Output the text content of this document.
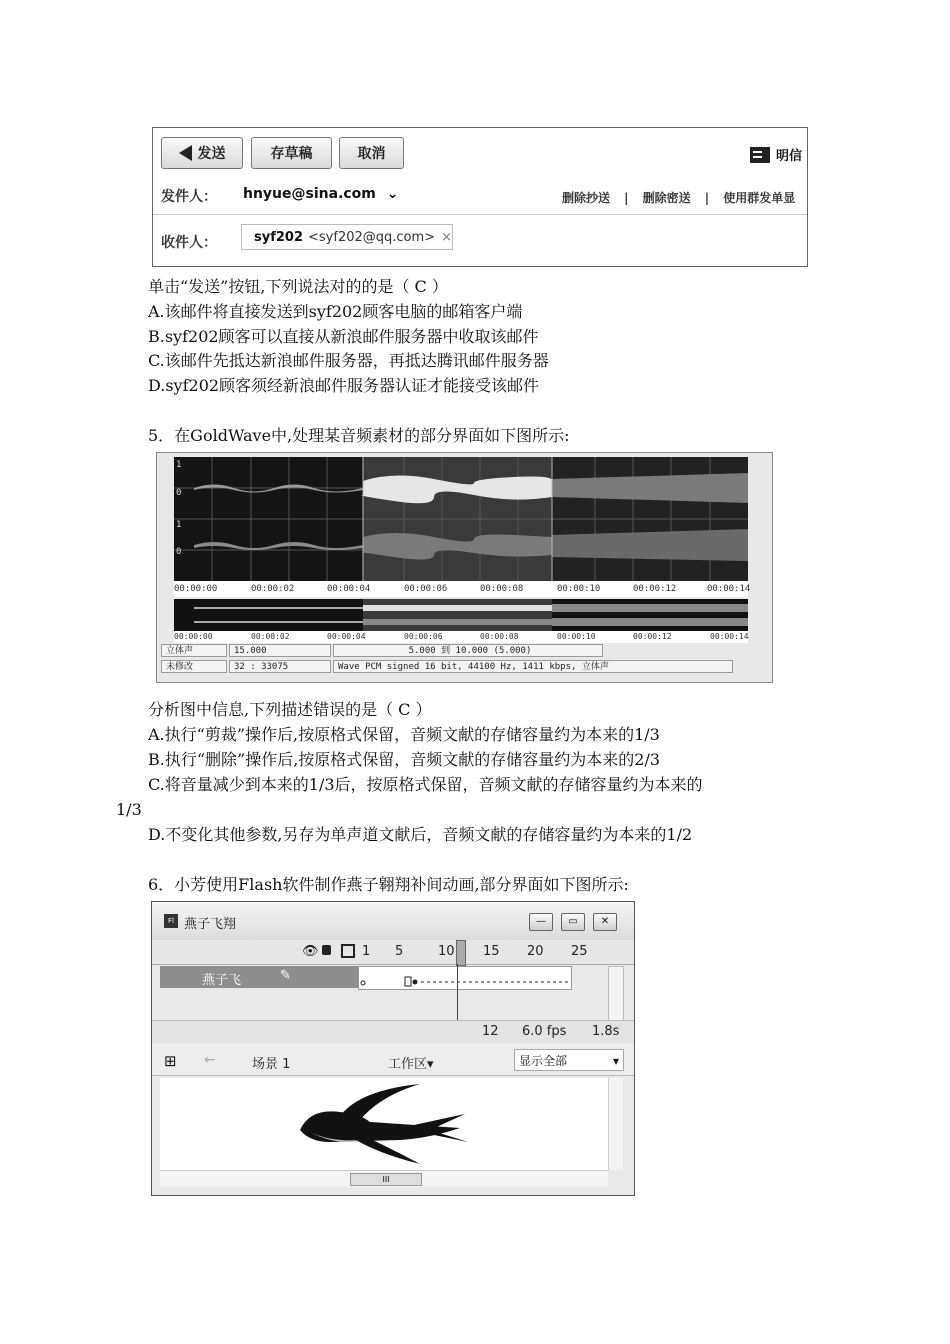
发送	存草稿	取消	明信
发件人： hnyue@sina.com ⌄	删除抄送 | 删除密送 | 使用群发单显
收件人：	syf202 <syf202@qq.com> ×
单击“发送”按钮,下列说法对的的是（ C ）
A.该邮件将直接发送到syf202顾客电脑的邮箱客户端
B.syf202顾客可以直接从新浪邮件服务器中收取该邮件
C.该邮件先抵达新浪邮件服务器，再抵达腾讯邮件服务器
D.syf202顾客须经新浪邮件服务器认证才能接受该邮件
5．在GoldWave中,处理某音频素材的部分界面如下图所示:
1
0
1
0
00:00:00	00:00:02	00:00:04	00:00:06	00:00:08	00:00:10	00:00:12	00:00:14
00:00:00	00:00:02	00:00:04	00:00:06	00:00:08	00:00:10	00:00:12	00:00:14
立体声	15.000	5.000 到 10.000 (5.000)
未修改	32 : 33075	Wave PCM signed 16 bit, 44100 Hz, 1411 kbps, 立体声
分析图中信息,下列描述错误的是（ C ）
A.执行“剪裁”操作后,按原格式保留，音频文献的存储容量约为本来的1/3
B.执行“删除”操作后,按原格式保留，音频文献的存储容量约为本来的2/3
C.将音量减少到本来的1/3后，按原格式保留，音频文献的存储容量约为本来的
1/3
D.不变化其他参数,另存为单声道文献后，音频文献的存储容量约为本来的1/2
6．小芳使用Flash软件制作燕子翱翔补间动画,部分界面如下图所示:
Fl 燕子飞翔	—	▭	✕
👁	1 5	10 15 20 25
燕子飞	✎
12 6.0 fps 1.8s
⊞ ←	场景 1	工作区▾	显示全部	▾
III
